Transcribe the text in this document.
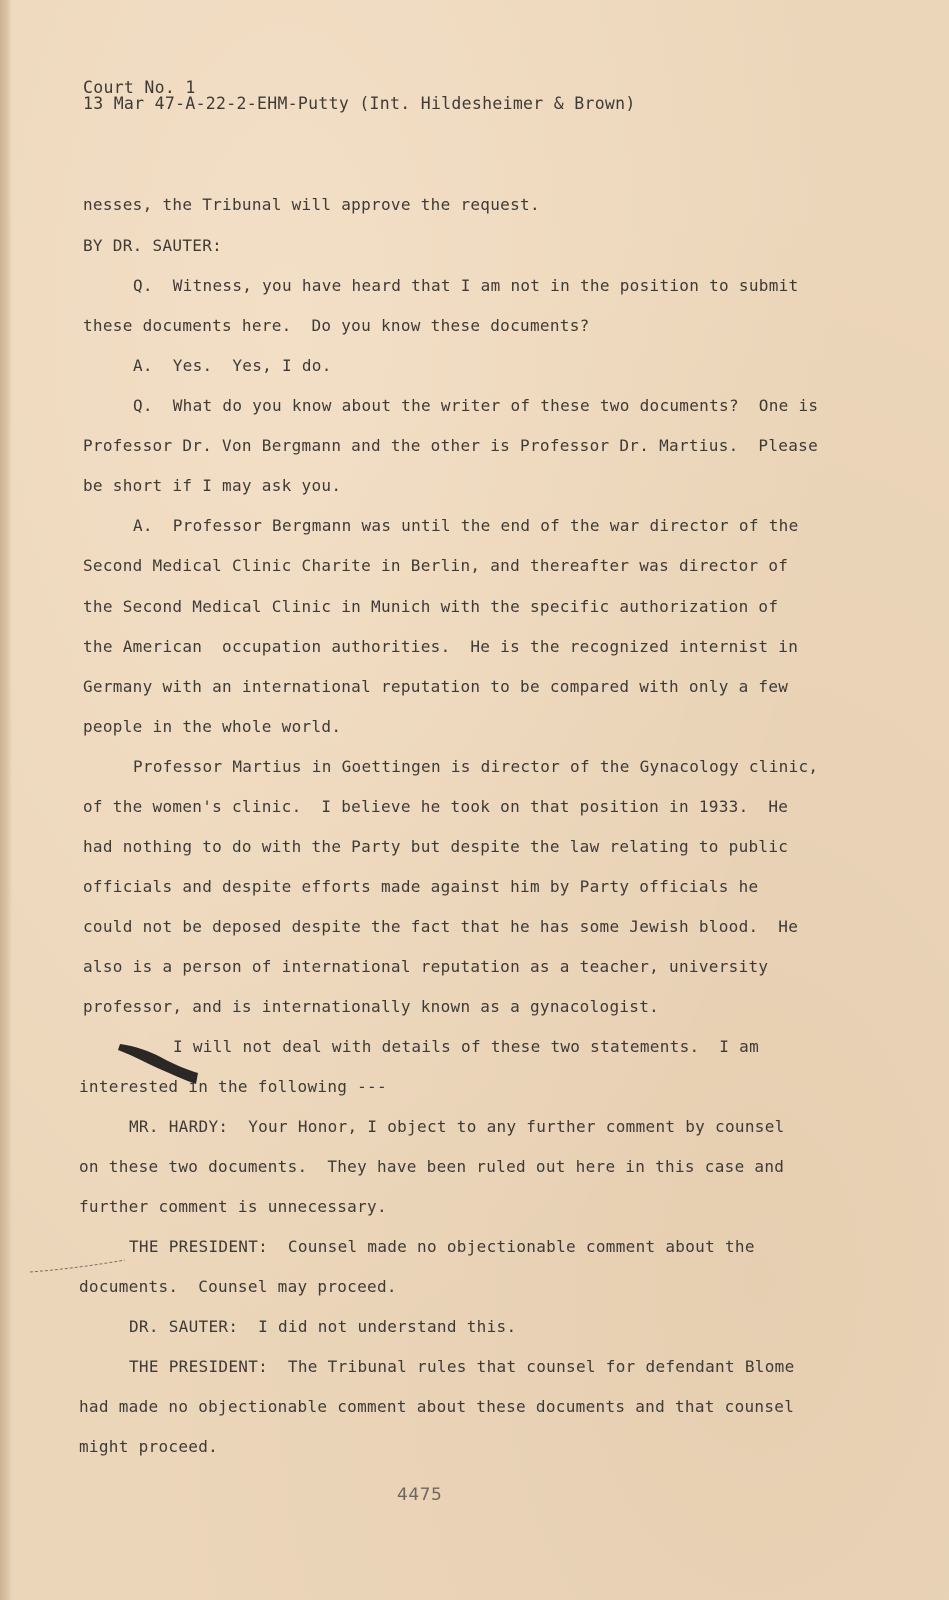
Court No. 1
13 Mar 47-A-22-2-EHM-Putty (Int. Hildesheimer & Brown)
nesses, the Tribunal will approve the request.
BY DR. SAUTER:
Q.  Witness, you have heard that I am not in the position to submit
these documents here.  Do you know these documents?
A.  Yes.  Yes, I do.
Q.  What do you know about the writer of these two documents?  One is
Professor Dr. Von Bergmann and the other is Professor Dr. Martius.  Please
be short if I may ask you.
A.  Professor Bergmann was until the end of the war director of the
Second Medical Clinic Charite in Berlin, and thereafter was director of
the Second Medical Clinic in Munich with the specific authorization of
the American  occupation authorities.  He is the recognized internist in
Germany with an international reputation to be compared with only a few
people in the whole world.
Professor Martius in Goettingen is director of the Gynacology clinic,
of the women's clinic.  I believe he took on that position in 1933.  He
had nothing to do with the Party but despite the law relating to public
officials and despite efforts made against him by Party officials he
could not be deposed despite the fact that he has some Jewish blood.  He
also is a person of international reputation as a teacher, university
professor, and is internationally known as a gynacologist.
I will not deal with details of these two statements.  I am
interested in the following ---
MR. HARDY:  Your Honor, I object to any further comment by counsel
on these two documents.  They have been ruled out here in this case and
further comment is unnecessary.
THE PRESIDENT:  Counsel made no objectionable comment about the
documents.  Counsel may proceed.
DR. SAUTER:  I did not understand this.
THE PRESIDENT:  The Tribunal rules that counsel for defendant Blome
had made no objectionable comment about these documents and that counsel
might proceed.
4475
